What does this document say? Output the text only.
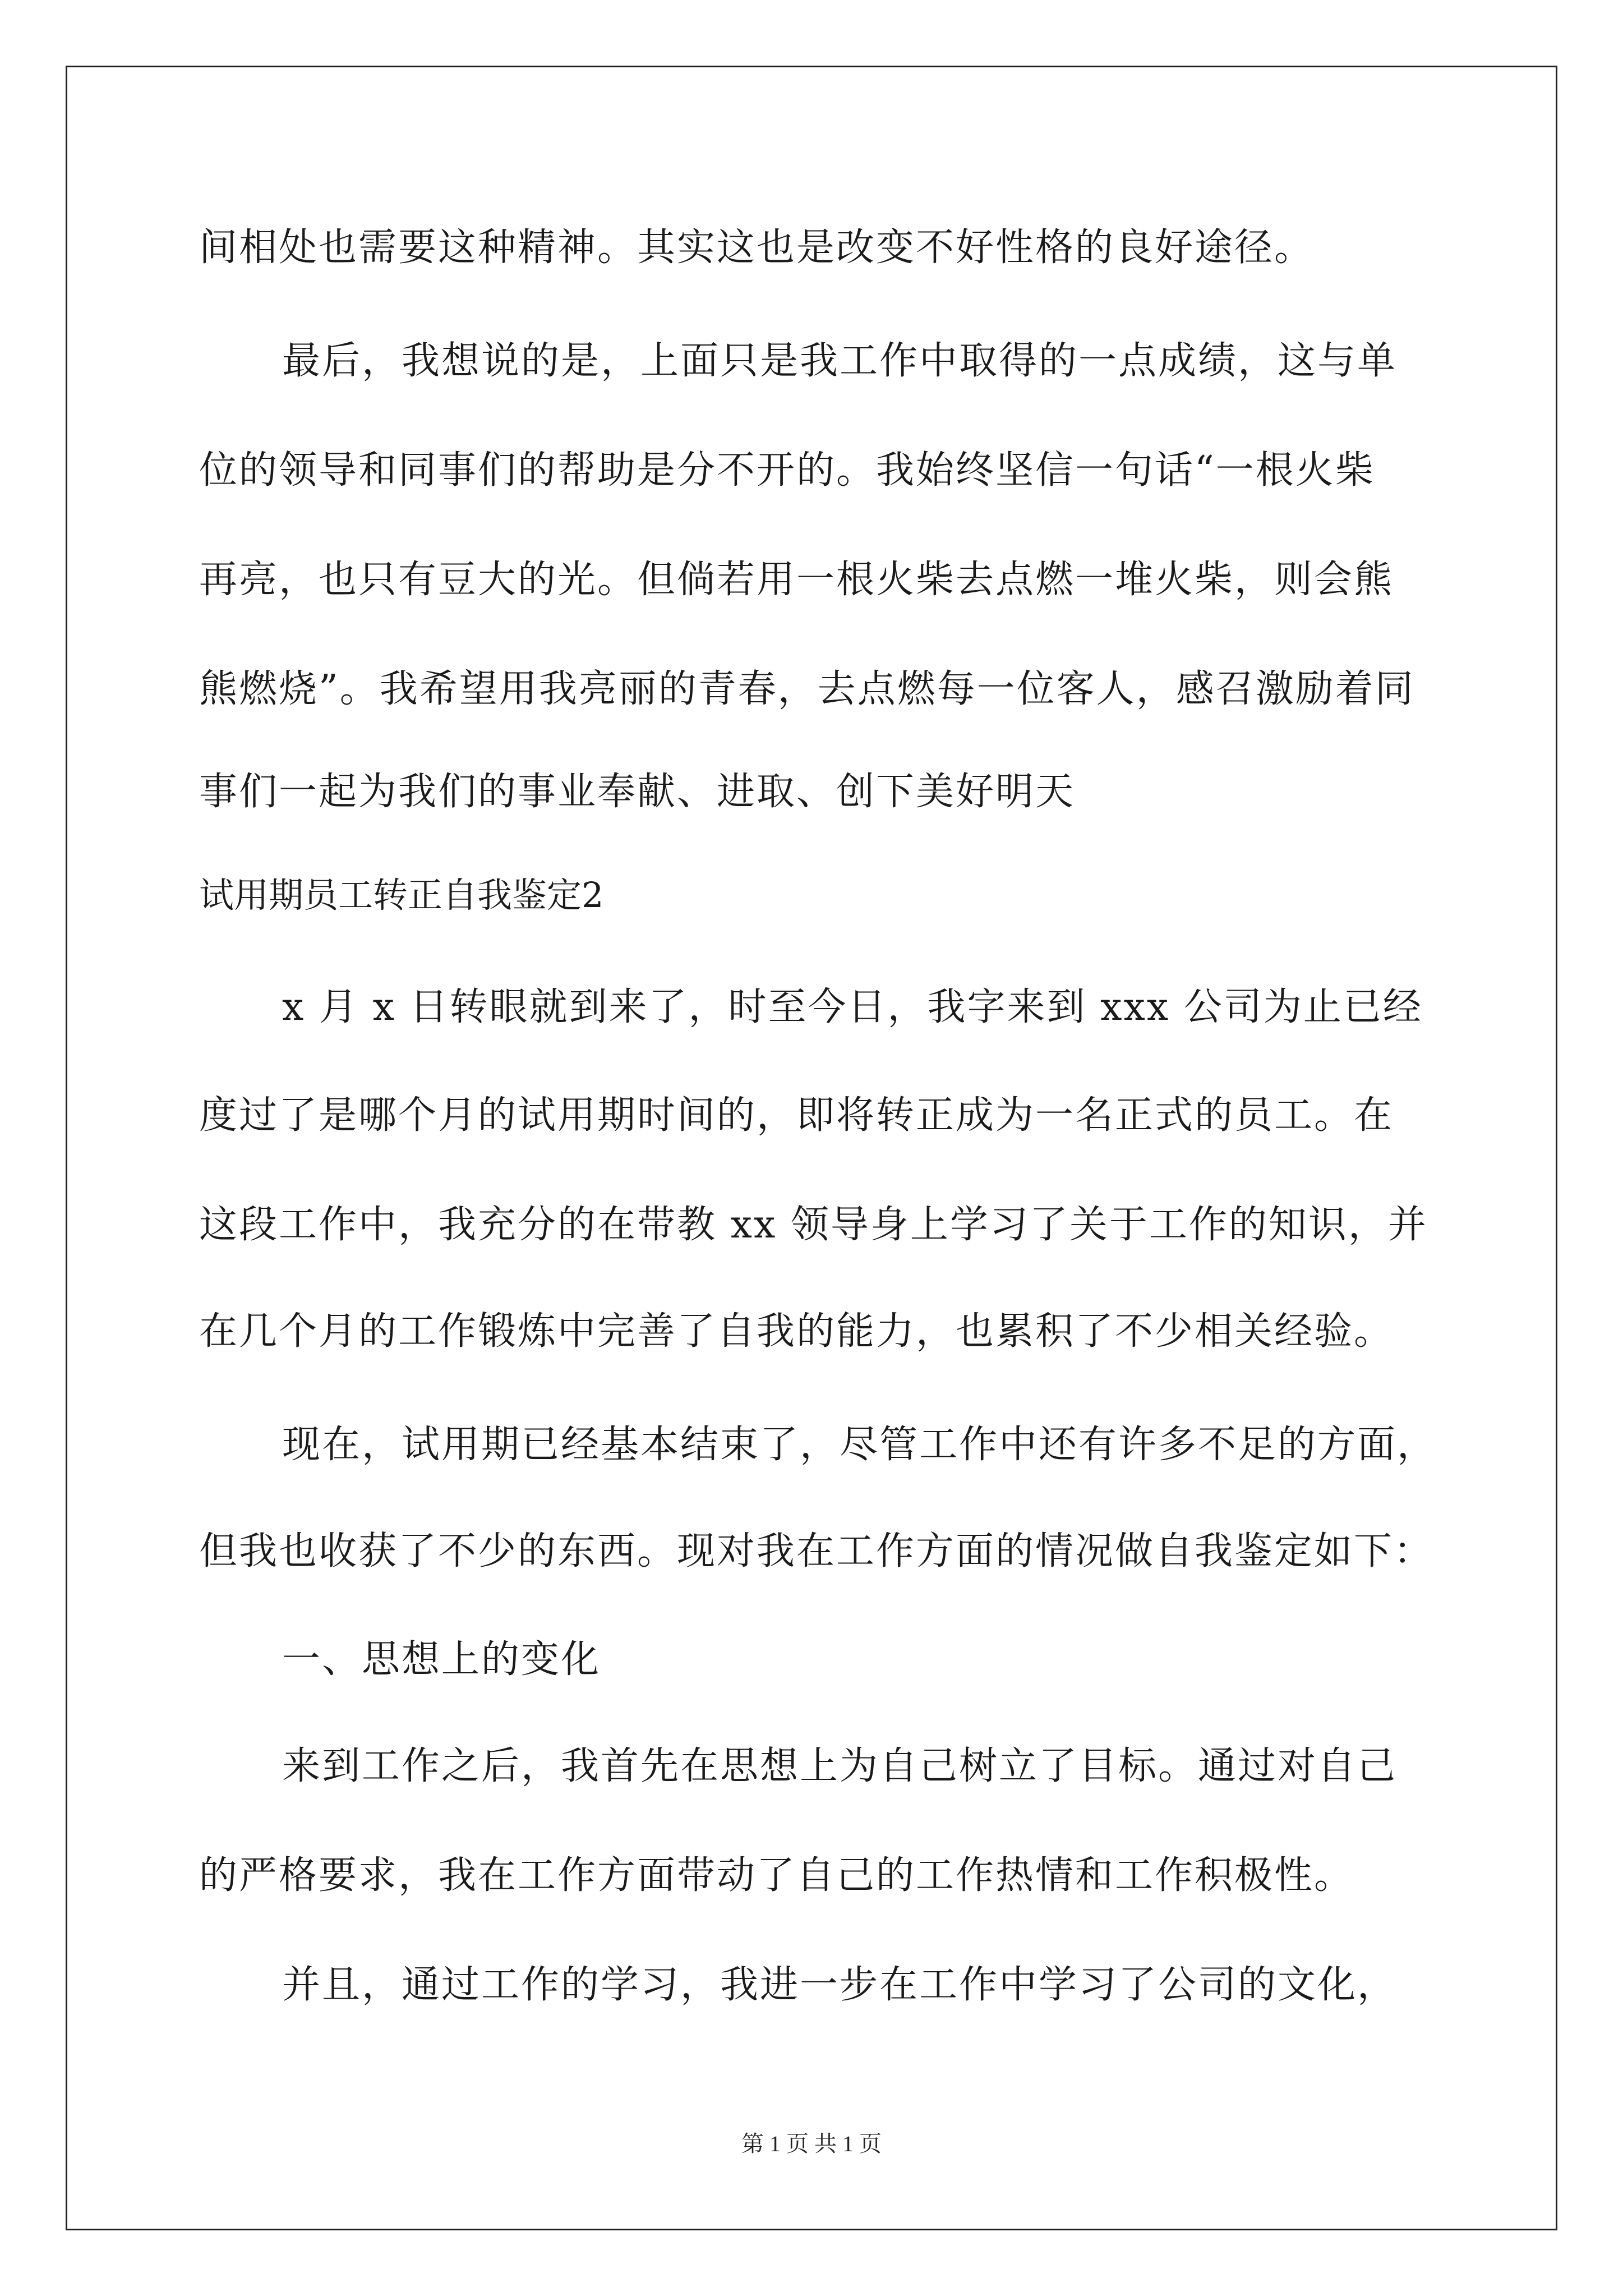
间相处也需要这种精神。其实这也是改变不好性格的良好途径。
最后，我想说的是，上面只是我工作中取得的一点成绩，这与单
位的领导和同事们的帮助是分不开的。我始终坚信一句话“一根火柴
再亮，也只有豆大的光。但倘若用一根火柴去点燃一堆火柴，则会熊
熊燃烧”。我希望用我亮丽的青春，去点燃每一位客人，感召激励着同
事们一起为我们的事业奉献、进取、创下美好明天
试用期员工转正自我鉴定2
x 月 x 日转眼就到来了，时至今日，我字来到 xxx 公司为止已经
度过了是哪个月的试用期时间的，即将转正成为一名正式的员工。在
这段工作中，我充分的在带教 xx 领导身上学习了关于工作的知识，并
在几个月的工作锻炼中完善了自我的能力，也累积了不少相关经验。
现在，试用期已经基本结束了，尽管工作中还有许多不足的方面，
但我也收获了不少的东西。现对我在工作方面的情况做自我鉴定如下：
一、思想上的变化
来到工作之后，我首先在思想上为自己树立了目标。通过对自己
的严格要求，我在工作方面带动了自己的工作热情和工作积极性。
并且，通过工作的学习，我进一步在工作中学习了公司的文化，
第 1 页 共 1 页
